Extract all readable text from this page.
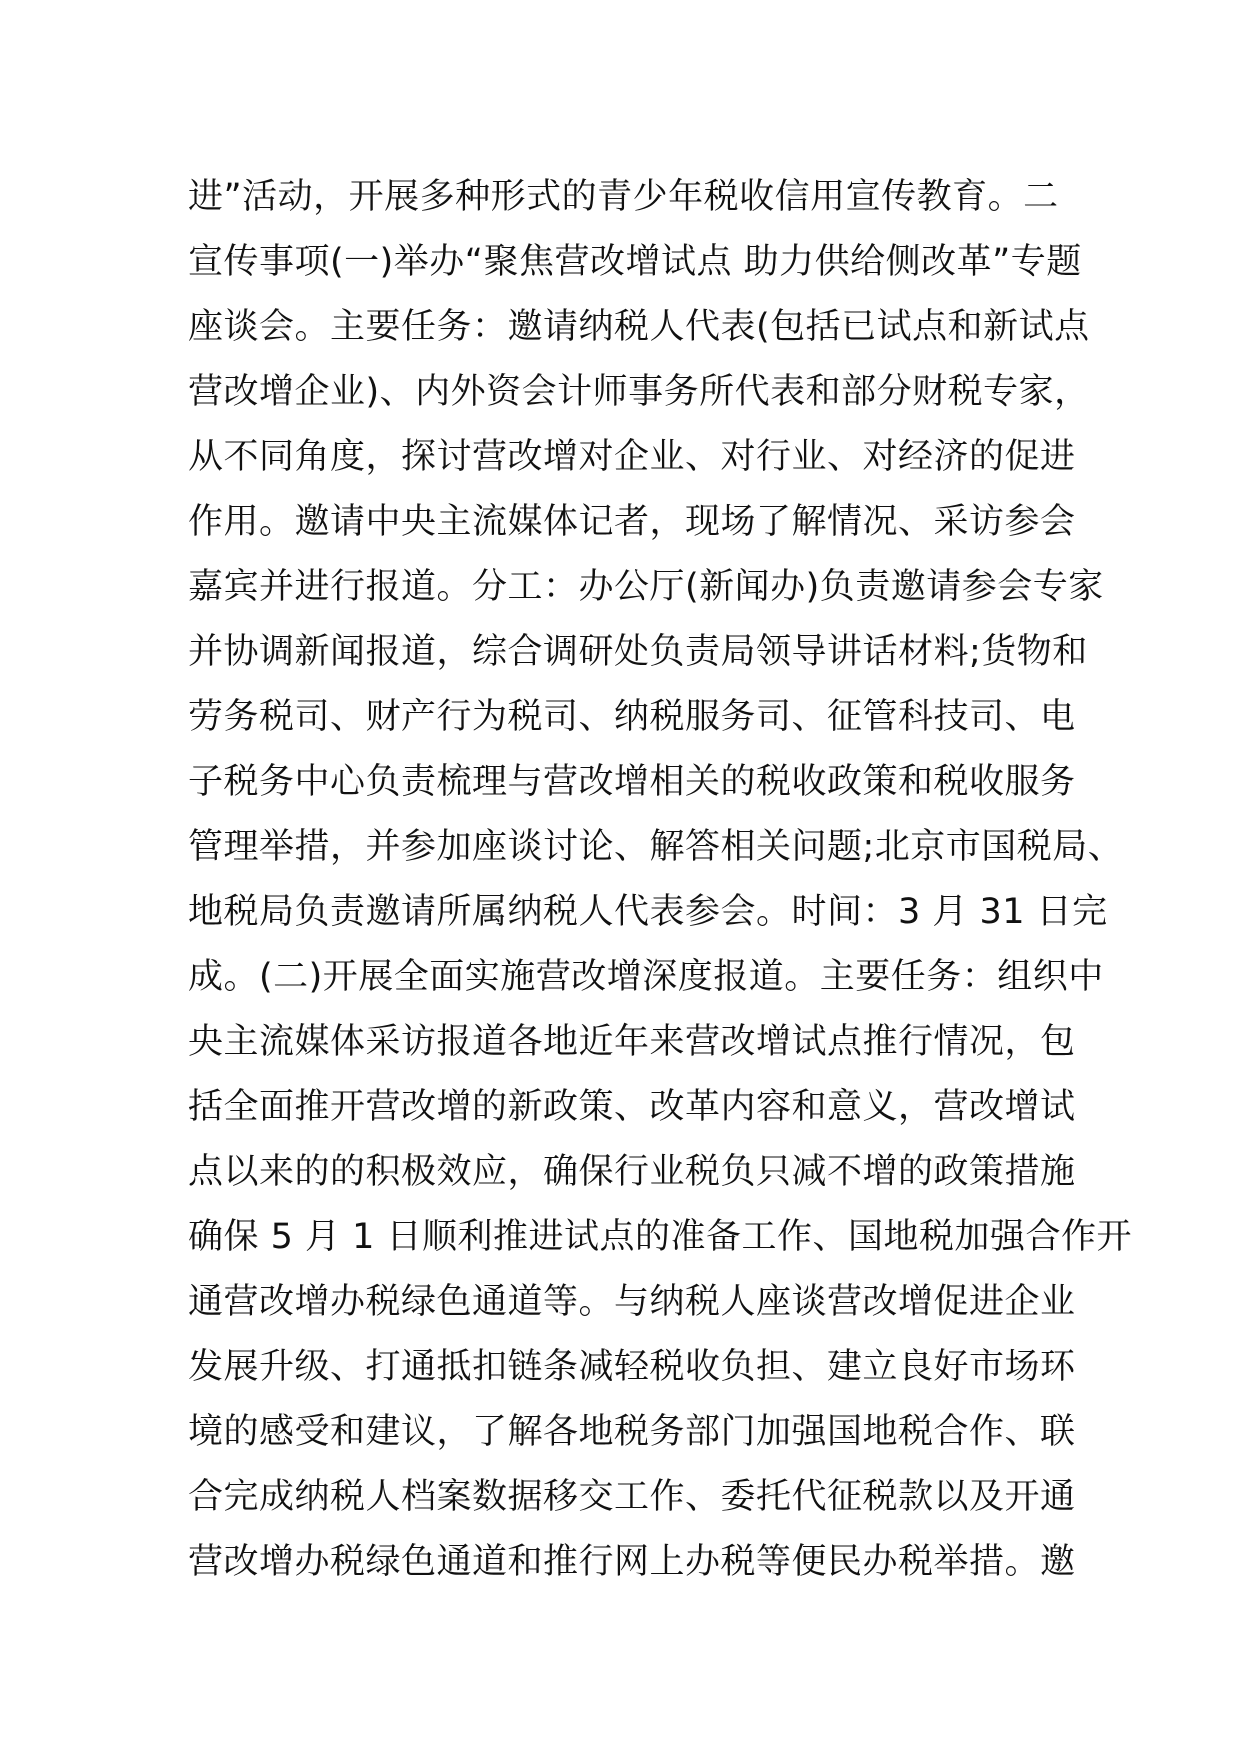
进”活动，开展多种形式的青少年税收信用宣传教育。二
宣传事项(一)举办“聚焦营改增试点 助力供给侧改革”专题
座谈会。主要任务：邀请纳税人代表(包括已试点和新试点
营改增企业)、内外资会计师事务所代表和部分财税专家，
从不同角度，探讨营改增对企业、对行业、对经济的促进
作用。邀请中央主流媒体记者，现场了解情况、采访参会
嘉宾并进行报道。分工：办公厅(新闻办)负责邀请参会专家
并协调新闻报道，综合调研处负责局领导讲话材料;货物和
劳务税司、财产行为税司、纳税服务司、征管科技司、电
子税务中心负责梳理与营改增相关的税收政策和税收服务
管理举措，并参加座谈讨论、解答相关问题;北京市国税局、
地税局负责邀请所属纳税人代表参会。时间：3 月 31 日完
成。(二)开展全面实施营改增深度报道。主要任务：组织中
央主流媒体采访报道各地近年来营改增试点推行情况，包
括全面推开营改增的新政策、改革内容和意义，营改增试
点以来的的积极效应，确保行业税负只减不增的政策措施
确保 5 月 1 日顺利推进试点的准备工作、国地税加强合作开
通营改增办税绿色通道等。与纳税人座谈营改增促进企业
发展升级、打通抵扣链条减轻税收负担、建立良好市场环
境的感受和建议，了解各地税务部门加强国地税合作、联
合完成纳税人档案数据移交工作、委托代征税款以及开通
营改增办税绿色通道和推行网上办税等便民办税举措。邀
